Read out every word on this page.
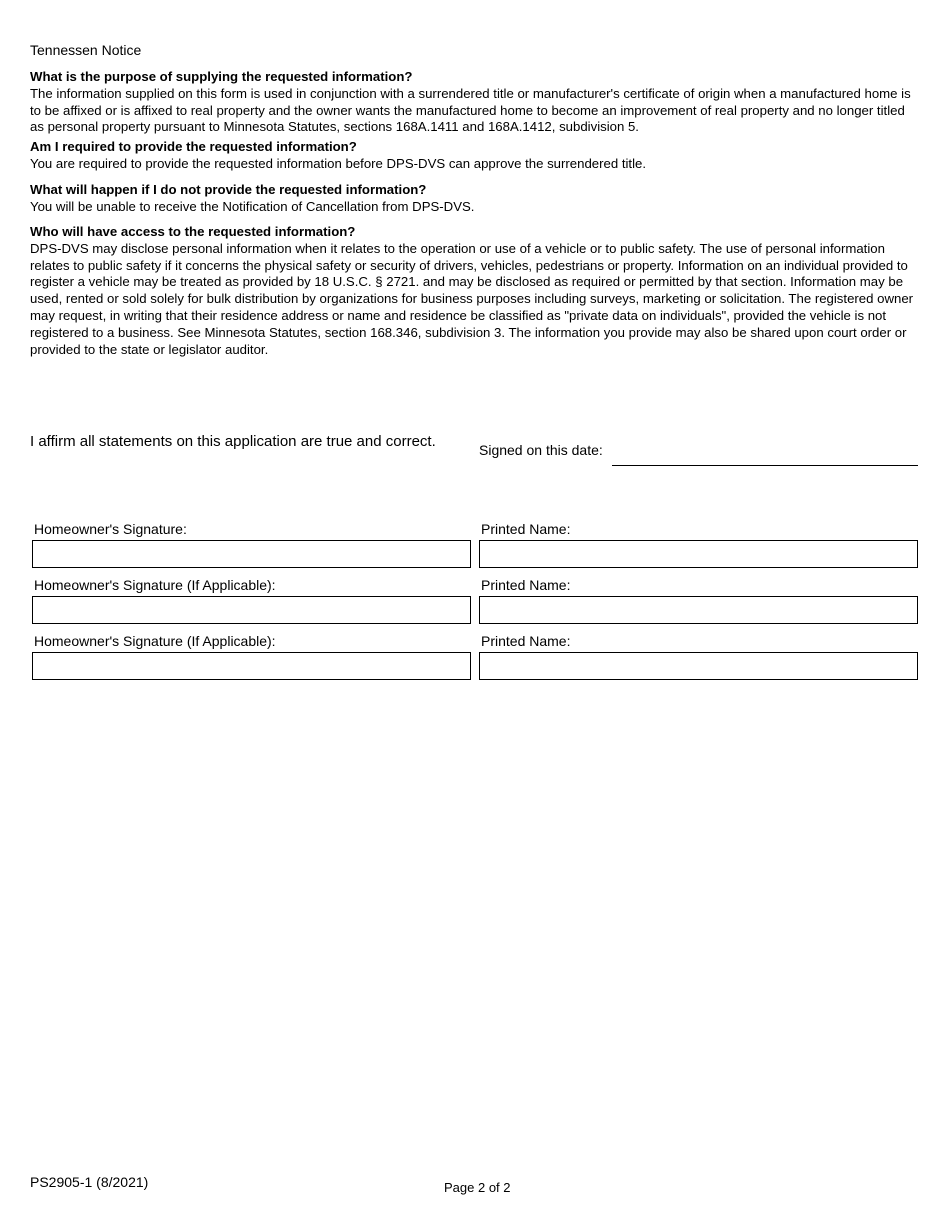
Tennessen Notice
What is the purpose of supplying the requested information?
The information supplied on this form is used in conjunction with a surrendered title or manufacturer's certificate of origin when a manufactured home is to be affixed or is affixed to real property and the owner wants the manufactured home to become an improvement of real property and no longer titled as personal property pursuant to Minnesota Statutes, sections 168A.1411 and 168A.1412, subdivision 5.
Am I required to provide the requested information?
You are required to provide the requested information before DPS-DVS can approve the surrendered title.
What will happen if I do not provide the requested information?
You will be unable to receive the Notification of Cancellation from DPS-DVS.
Who will have access to the requested information?
DPS-DVS may disclose personal information when it relates to the operation or use of a vehicle or to public safety. The use of personal information relates to public safety if it concerns the physical safety or security of drivers, vehicles, pedestrians or property. Information on an individual provided to register a vehicle may be treated as provided by 18 U.S.C. § 2721. and may be disclosed as required or permitted by that section. Information may be used, rented or sold solely for bulk distribution by organizations for business purposes including surveys, marketing or solicitation. The registered owner may request, in writing that their residence address or name and residence be classified as "private data on individuals", provided the vehicle is not registered to a business. See Minnesota Statutes, section 168.346, subdivision 3. The information you provide may also be shared upon court order or provided to the state or legislator auditor.
I affirm all statements on this application are true and correct.	Signed on this date:
Homeowner's Signature:	Printed Name:
Homeowner's Signature (If Applicable):	Printed Name:
Homeowner's Signature (If Applicable):	Printed Name:
PS2905-1 (8/2021)	Page 2 of 2
